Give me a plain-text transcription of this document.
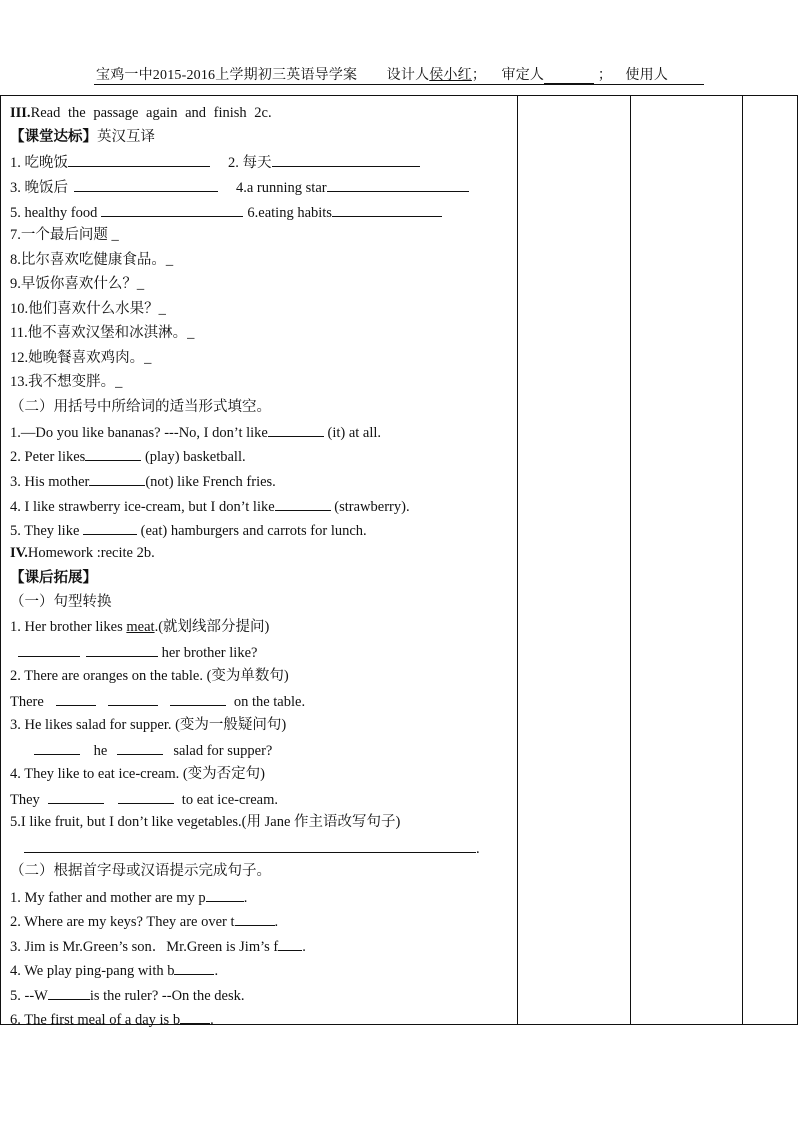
宝鸡一中2015-2016上学期初三英语导学案 设计人侯小红； 审定人	； 使用人
III.Read the passage again and finish 2c.
【课堂达标】英汉互译
1. 吃晚饭	2. 每天
3. 晚饭后	4.a running star
5. healthy food	6.eating habits
7.一个最后问题 _
8.比尔喜欢吃健康食品。_
9.早饭你喜欢什么？_
10.他们喜欢什么水果？_
11.他不喜欢汉堡和冰淇淋。_
12.她晚餐喜欢鸡肉。_
13.我不想变胖。_
（二）用括号中所给词的适当形式填空。
1.—Do you like bananas? ---No, I don’t like	(it) at all.
2. Peter likes	(play) basketball.
3. His mother	(not) like French fries.
4. I like strawberry ice-cream, but I don’t like	(strawberry).
5. They like	(eat) hamburgers and carrots for lunch.
IV.Homework :recite 2b.
【课后拓展】
（一）句型转换
1. Her brother likes meat.(就划线部分提问)
her brother like?
2. There are oranges on the table. (变为单数句)
There	on the table.
3. He likes salad for supper. (变为一般疑问句)
he	salad for supper?
4. They like to eat ice-cream. (变为否定句)
They	to eat ice-cream.
5.I like fruit, but I don’t like vegetables.(用 Jane 作主语改写句子)
.
（二）根据首字母或汉语提示完成句子。
1. My father and mother are my p	.
2. Where are my keys? They are over t	.
3. Jim is Mr.Green’s son．Mr.Green is Jim’s f .
4. We play ping-pang with b	.
5. --W	is the ruler? --On the desk.
6. The first meal of a day is b .
